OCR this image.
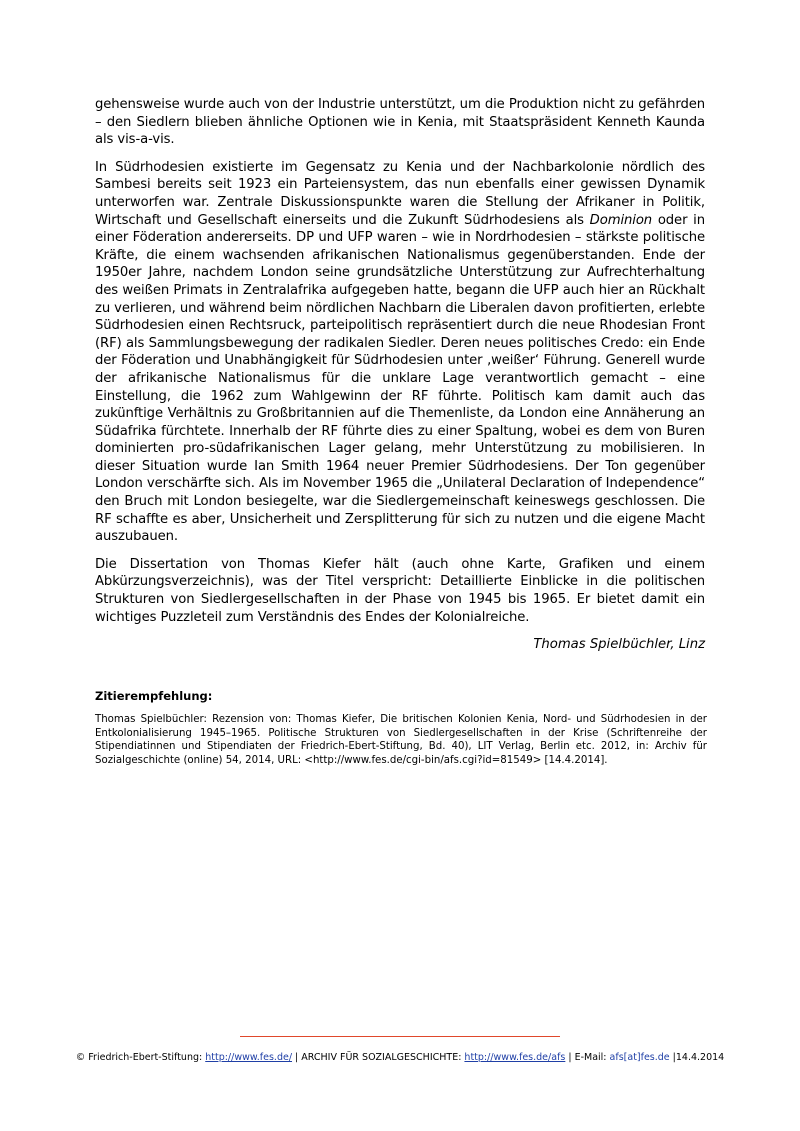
gehensweise wurde auch von der Industrie unterstützt, um die Produktion nicht zu gefährden – den Siedlern blieben ähnliche Optionen wie in Kenia, mit Staatspräsident Kenneth Kaunda als vis-a-vis.

In Südrhodesien existierte im Gegensatz zu Kenia und der Nachbarkolonie nördlich des Sambesi bereits seit 1923 ein Parteiensystem, das nun ebenfalls einer gewissen Dynamik unterworfen war. Zentrale Diskussionspunkte waren die Stellung der Afrikaner in Politik, Wirtschaft und Gesellschaft einerseits und die Zukunft Südrhodesiens als Dominion oder in einer Föderation andererseits. DP und UFP waren – wie in Nordrhodesien – stärkste politische Kräfte, die einem wachsenden afrikanischen Nationalismus gegenüberstanden. Ende der 1950er Jahre, nachdem London seine grundsätzliche Unterstützung zur Aufrechterhaltung des weißen Primats in Zentralafrika aufgegeben hatte, begann die UFP auch hier an Rückhalt zu verlieren, und während beim nördlichen Nachbarn die Liberalen davon profitierten, erlebte Südrhodesien einen Rechtsruck, parteipolitisch repräsentiert durch die neue Rhodesian Front (RF) als Sammlungsbewegung der radikalen Siedler. Deren neues politisches Credo: ein Ende der Föderation und Unabhängigkeit für Südrhodesien unter ‚weißer‘ Führung. Generell wurde der afrikanische Nationalismus für die unklare Lage verantwortlich gemacht – eine Einstellung, die 1962 zum Wahlgewinn der RF führte. Politisch kam damit auch das zukünftige Verhältnis zu Großbritannien auf die Themenliste, da London eine Annäherung an Südafrika fürchtete. Innerhalb der RF führte dies zu einer Spaltung, wobei es dem von Buren dominierten pro-südafrikanischen Lager gelang, mehr Unterstützung zu mobilisieren. In dieser Situation wurde Ian Smith 1964 neuer Premier Südrhodesiens. Der Ton gegenüber London verschärfte sich. Als im November 1965 die „Unilateral Declaration of Independence“ den Bruch mit London besiegelte, war die Siedlergemeinschaft keineswegs geschlossen. Die RF schaffte es aber, Unsicherheit und Zersplitterung für sich zu nutzen und die eigene Macht auszubauen.

Die Dissertation von Thomas Kiefer hält (auch ohne Karte, Grafiken und einem Abkürzungsverzeichnis), was der Titel verspricht: Detaillierte Einblicke in die politischen Strukturen von Siedlergesellschaften in der Phase von 1945 bis 1965. Er bietet damit ein wichtiges Puzzleteil zum Verständnis des Endes der Kolonialreiche.

Thomas Spielbüchler, Linz
Zitierempfehlung:

Thomas Spielbüchler: Rezension von: Thomas Kiefer, Die britischen Kolonien Kenia, Nord- und Südrhodesien in der Entkolonialisierung 1945–1965. Politische Strukturen von Siedlergesellschaften in der Krise (Schriftenreihe der Stipendiatinnen und Stipendiaten der Friedrich-Ebert-Stiftung, Bd. 40), LIT Verlag, Berlin etc. 2012, in: Archiv für Sozialgeschichte (online) 54, 2014, URL: <http://www.fes.de/cgi-bin/afs.cgi?id=81549> [14.4.2014].

© Friedrich-Ebert-Stiftung: http://www.fes.de/ | ARCHIV FÜR SOZIALGESCHICHTE: http://www.fes.de/afs | E-Mail: afs[at]fes.de |14.4.2014
